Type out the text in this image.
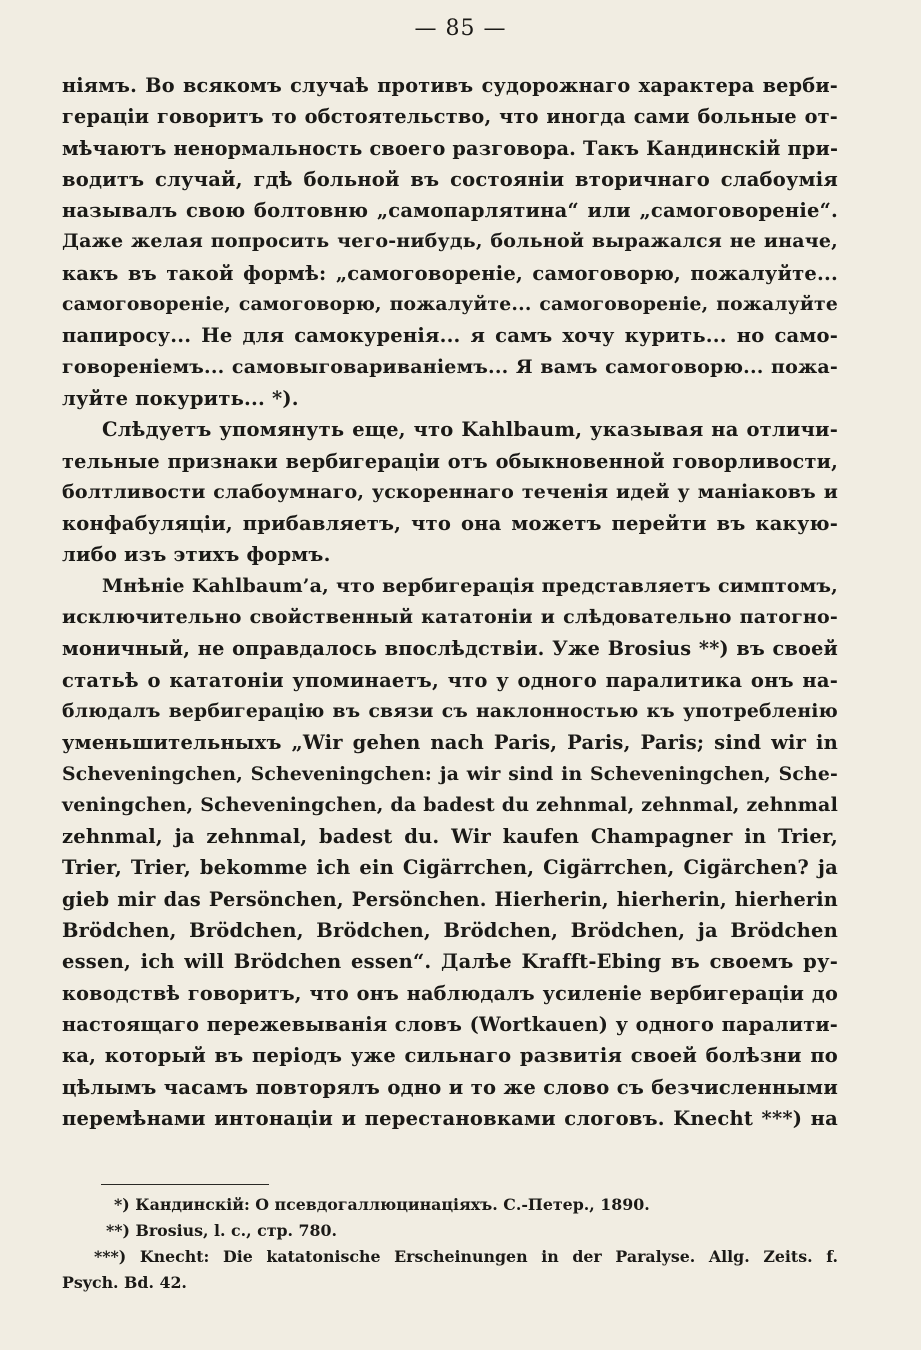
— 85 —
ніямъ. Во всякомъ случаѣ противъ судорожнаго характера верби-
гераціи говоритъ то обстоятельство, что иногда сами больные от-
мѣчаютъ ненормальность своего разговора. Такъ Кандинскій при-
водитъ случай, гдѣ больной въ состояніи вторичнаго слабоумія
называлъ свою болтовню „самопарлятина“ или „самоговореніе“.
Даже желая попросить чего-нибудь, больной выражался не иначе,
какъ въ такой формѣ: „самоговореніе, самоговорю, пожалуйте...
самоговореніе, самоговорю, пожалуйте... самоговореніе, пожалуйте
папиросу... Не для самокуренія... я самъ хочу курить... но само-
говореніемъ... самовыговариваніемъ... Я вамъ самоговорю... пожа-
луйте покурить... *).
Слѣдуетъ упомянуть еще, что Kahlbaum, указывая на отличи-
тельные признаки вербигераціи отъ обыкновенной говорливости,
болтливости слабоумнаго, ускореннаго теченія идей у маніаковъ и
конфабуляціи, прибавляетъ, что она можетъ перейти въ какую-
либо изъ этихъ формъ.
Мнѣніе Kahlbaum’a, что вербигерація представляетъ симптомъ,
исключительно свойственный кататоніи и слѣдовательно патогно-
моничный, не оправдалось впослѣдствіи. Уже Brosius **) въ своей
статьѣ о кататоніи упоминаетъ, что у одного паралитика онъ на-
блюдалъ вербигерацію въ связи съ наклонностью къ употребленію
уменьшительныхъ „Wir gehen nach Paris, Paris, Paris; sind wir in
Scheveningchen, Scheveningchen: ja wir sind in Scheveningchen, Sche-
veningchen, Scheveningchen, da badest du zehnmal, zehnmal, zehnmal
zehnmal, ja zehnmal, badest du. Wir kaufen Champagner in Trier,
Trier, Trier, bekomme ich ein Cigärrchen, Cigärrchen, Cigärchen? ja
gieb mir das Persönchen, Persönchen. Hierherin, hierherin, hierherin
Brödchen, Brödchen, Brödchen, Brödchen, Brödchen, ja Brödchen
essen, ich will Brödchen essen“. Далѣе Krafft-Ebing въ своемъ ру-
ководствѣ говоритъ, что онъ наблюдалъ усиленіе вербигераціи до
настоящаго пережевыванія словъ (Wortkauen) у одного паралити-
ка, который въ періодъ уже сильнаго развитія своей болѣзни по
цѣлымъ часамъ повторялъ одно и то же слово съ безчисленными
перемѣнами интонаціи и перестановками слоговъ. Knecht ***) на
*) Кандинскій: О псевдогаллюцинаціяхъ. С.-Петер., 1890.
**) Brosius, l. c., стр. 780.
***) Knecht: Die katatonische Erscheinungen in der Paralyse. Allg. Zeits. f.
Psych. Bd. 42.
